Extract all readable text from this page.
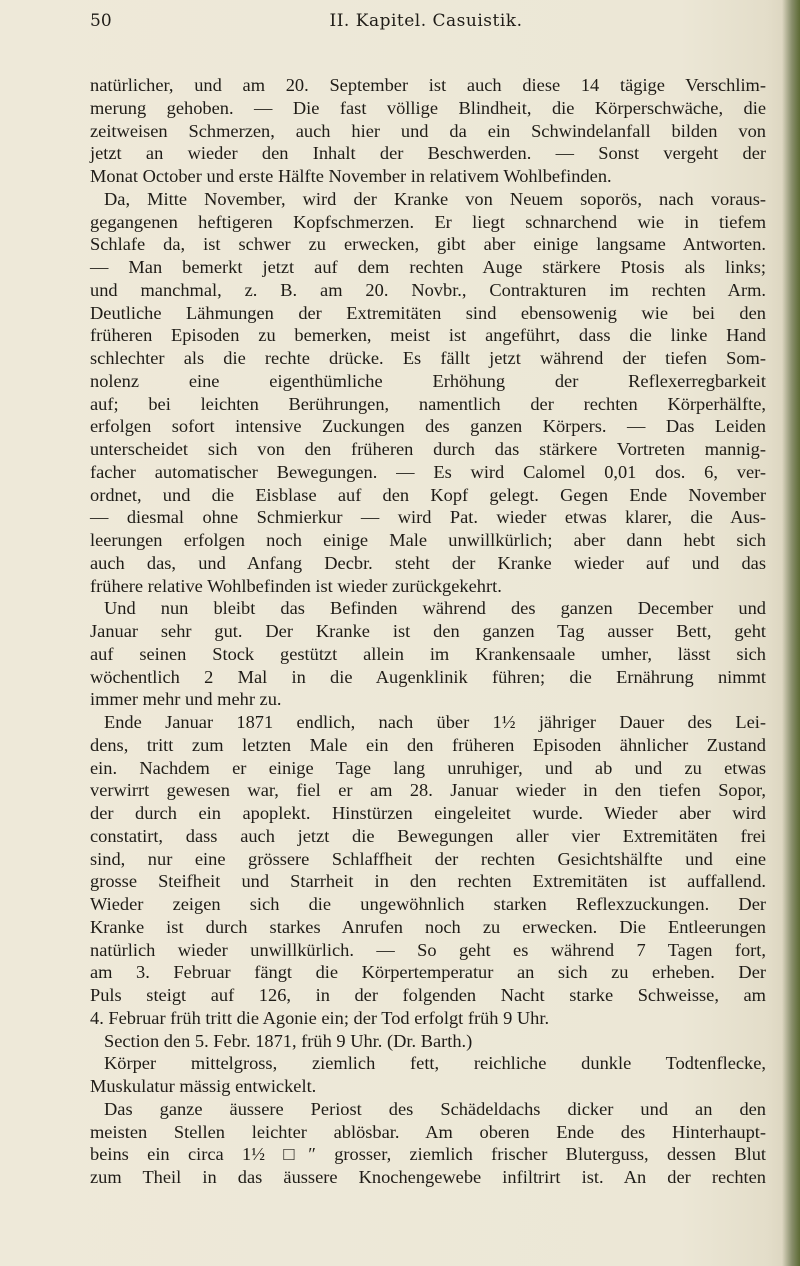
50	II. Kapitel. Casuistik.
natürlicher, und am 20. September ist auch diese 14 tägige Verschlim-
merung gehoben. — Die fast völlige Blindheit, die Körperschwäche, die
zeitweisen Schmerzen, auch hier und da ein Schwindelanfall bilden von
jetzt an wieder den Inhalt der Beschwerden. — Sonst vergeht der
Monat October und erste Hälfte November in relativem Wohlbefinden.
Da, Mitte November, wird der Kranke von Neuem soporös, nach voraus-
gegangenen heftigeren Kopfschmerzen. Er liegt schnarchend wie in tiefem
Schlafe da, ist schwer zu erwecken, gibt aber einige langsame Antworten.
— Man bemerkt jetzt auf dem rechten Auge stärkere Ptosis als links;
und manchmal, z. B. am 20. Novbr., Contrakturen im rechten Arm.
Deutliche Lähmungen der Extremitäten sind ebensowenig wie bei den
früheren Episoden zu bemerken, meist ist angeführt, dass die linke Hand
schlechter als die rechte drücke. Es fällt jetzt während der tiefen Som-
nolenz eine eigenthümliche Erhöhung der Reflexerregbarkeit
auf; bei leichten Berührungen, namentlich der rechten Körperhälfte,
erfolgen sofort intensive Zuckungen des ganzen Körpers. — Das Leiden
unterscheidet sich von den früheren durch das stärkere Vortreten mannig-
facher automatischer Bewegungen. — Es wird Calomel 0,01 dos. 6, ver-
ordnet, und die Eisblase auf den Kopf gelegt. Gegen Ende November
— diesmal ohne Schmierkur — wird Pat. wieder etwas klarer, die Aus-
leerungen erfolgen noch einige Male unwillkürlich; aber dann hebt sich
auch das, und Anfang Decbr. steht der Kranke wieder auf und das
frühere relative Wohlbefinden ist wieder zurückgekehrt.
Und nun bleibt das Befinden während des ganzen December und
Januar sehr gut. Der Kranke ist den ganzen Tag ausser Bett, geht
auf seinen Stock gestützt allein im Krankensaale umher, lässt sich
wöchentlich 2 Mal in die Augenklinik führen; die Ernährung nimmt
immer mehr und mehr zu.
Ende Januar 1871 endlich, nach über 1½ jähriger Dauer des Lei-
dens, tritt zum letzten Male ein den früheren Episoden ähnlicher Zustand
ein. Nachdem er einige Tage lang unruhiger, und ab und zu etwas
verwirrt gewesen war, fiel er am 28. Januar wieder in den tiefen Sopor,
der durch ein apoplekt. Hinstürzen eingeleitet wurde. Wieder aber wird
constatirt, dass auch jetzt die Bewegungen aller vier Extremitäten frei
sind, nur eine grössere Schlaffheit der rechten Gesichtshälfte und eine
grosse Steifheit und Starrheit in den rechten Extremitäten ist auffallend.
Wieder zeigen sich die ungewöhnlich starken Reflexzuckungen. Der
Kranke ist durch starkes Anrufen noch zu erwecken. Die Entleerungen
natürlich wieder unwillkürlich. — So geht es während 7 Tagen fort,
am 3. Februar fängt die Körpertemperatur an sich zu erheben. Der
Puls steigt auf 126, in der folgenden Nacht starke Schweisse, am
4. Februar früh tritt die Agonie ein; der Tod erfolgt früh 9 Uhr.
Section den 5. Febr. 1871, früh 9 Uhr. (Dr. Barth.)
Körper mittelgross, ziemlich fett, reichliche dunkle Todtenflecke,
Muskulatur mässig entwickelt.
Das ganze äussere Periost des Schädeldachs dicker und an den
meisten Stellen leichter ablösbar. Am oberen Ende des Hinterhaupt-
beins ein circa 1½ □″ grosser, ziemlich frischer Bluterguss, dessen Blut
zum Theil in das äussere Knochengewebe infiltrirt ist. An der rechten
